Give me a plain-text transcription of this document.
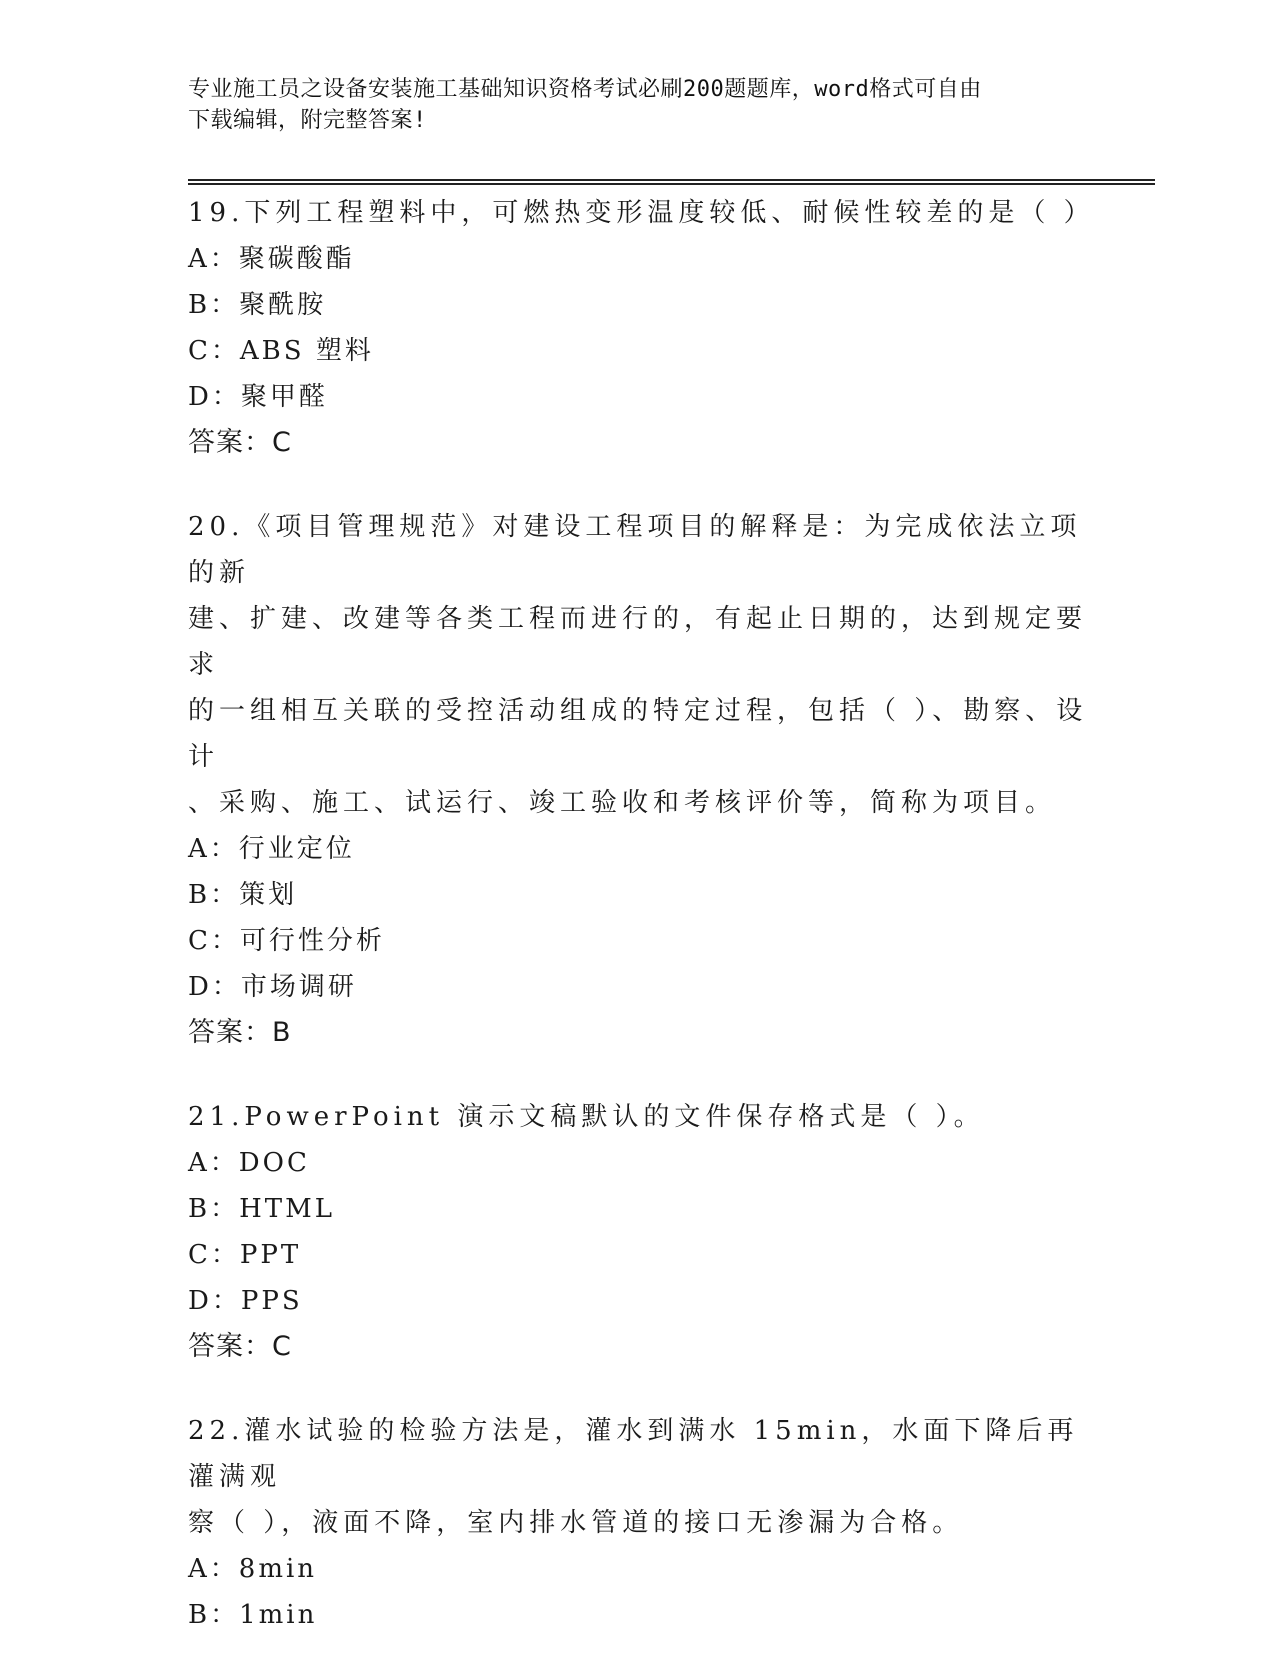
专业施工员之设备安装施工基础知识资格考试必刷200题题库，word格式可自由
下载编辑，附完整答案!
19.下列工程塑料中，可燃热变形温度较低、耐候性较差的是（ ）
A：聚碳酸酯
B：聚酰胺
C：ABS 塑料
D：聚甲醛
答案：C
20.《项目管理规范》对建设工程项目的解释是：为完成依法立项的新
建、扩建、改建等各类工程而进行的，有起止日期的，达到规定要求
的一组相互关联的受控活动组成的特定过程，包括（ ）、勘察、设计
、采购、施工、试运行、竣工验收和考核评价等，简称为项目。
A：行业定位
B：策划
C：可行性分析
D：市场调研
答案：B
21.PowerPoint 演示文稿默认的文件保存格式是（ ）。
A：DOC
B：HTML
C：PPT
D：PPS
答案：C
22.灌水试验的检验方法是，灌水到满水 15min，水面下降后再灌满观
察（ ），液面不降，室内排水管道的接口无渗漏为合格。
A：8min
B：1min
